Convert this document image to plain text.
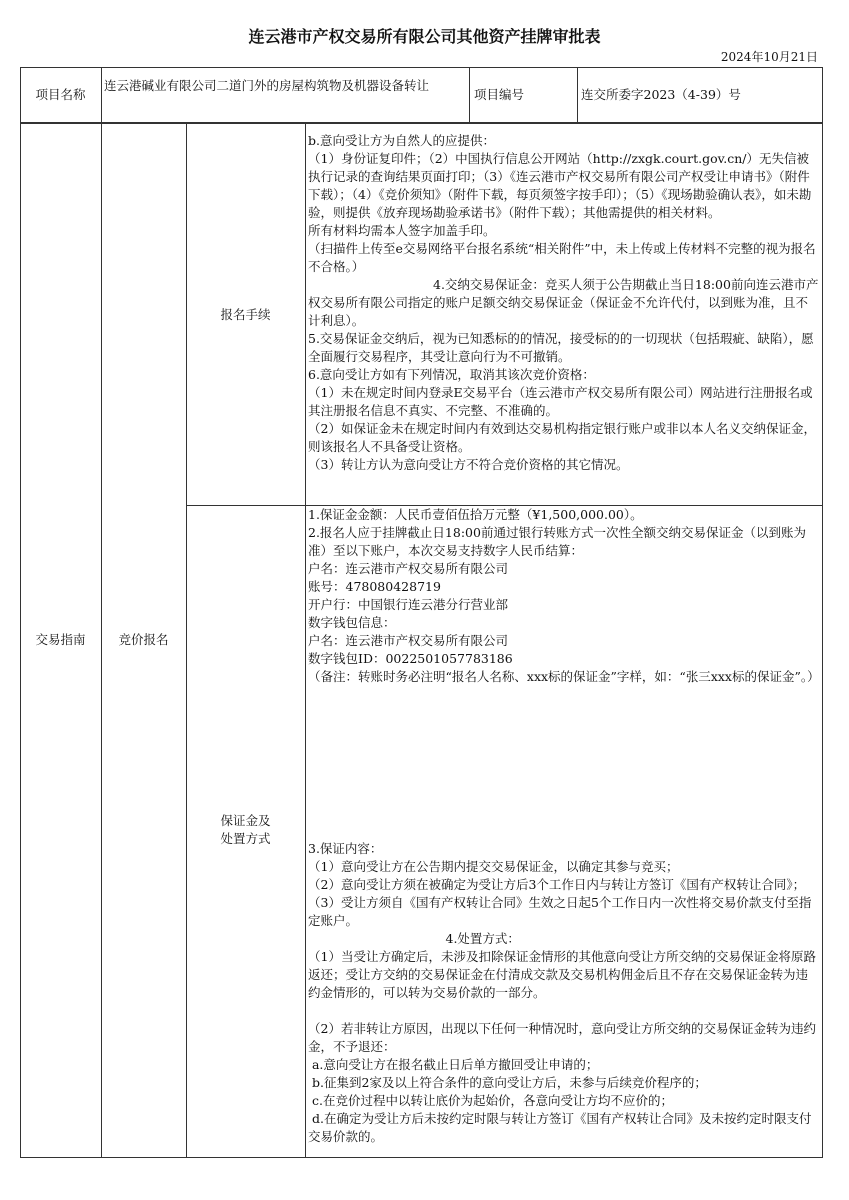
连云港市产权交易所有限公司其他资产挂牌审批表
2024年10月21日
项目名称
连云港碱业有限公司二道门外的房屋构筑物及机器设备转让
项目编号	连交所委字2023（4-39）号
交易指南	竞价报名
报名手续
保证金及
处置方式

b.意向受让方为自然人的应提供：

（1）身份证复印件；（2）中国执行信息公开网站（http://zxgk.court.gov.cn/）无失信被执行记录的查询结果页面打印；（3）《连云港市产权交易所有限公司产权受让申请书》（附件下载）；（4）《竞价须知》（附件下载，每页须签字按手印）；（5）《现场勘验确认表》，如未勘验，则提供《放弃现场勘验承诺书》（附件下载）；其他需提供的相关材料。

所有材料均需本人签字加盖手印。

（扫描件上传至e交易网络平台报名系统“相关附件”中，未上传或上传材料不完整的视为报名不合格。）

　　　　　　　　　　4.交纳交易保证金：竞买人须于公告期截止当日18:00前向连云港市产权交易所有限公司指定的账户足额交纳交易保证金（保证金不允许代付，以到账为准，且不计利息）。

5.交易保证金交纳后，视为已知悉标的的情况，接受标的的一切现状（包括瑕疵、缺陷），愿全面履行交易程序，其受让意向行为不可撤销。

6.意向受让方如有下列情况，取消其该次竞价资格：

（1）未在规定时间内登录E交易平台（连云港市产权交易所有限公司）网站进行注册报名或其注册报名信息不真实、不完整、不准确的。

（2）如保证金未在规定时间内有效到达交易机构指定银行账户或非以本人名义交纳保证金，则该报名人不具备受让资格。

（3）转让方认为意向受让方不符合竞价资格的其它情况。

1.保证金金额：人民币壹佰伍拾万元整（¥1,500,000.00）。

2.报名人应于挂牌截止日18:00前通过银行转账方式一次性全额交纳交易保证金（以到账为准）至以下账户，本次交易支持数字人民币结算：

户名：连云港市产权交易所有限公司

账号：478080428719

开户行：中国银行连云港分行营业部

数字钱包信息：

户名：连云港市产权交易所有限公司

数字钱包ID：0022501057783186

（备注：转账时务必注明“报名人名称、xxx标的保证金”字样，如：“张三xxx标的保证金”。）

3.保证内容：

（1）意向受让方在公告期内提交交易保证金，以确定其参与竞买；

（2）意向受让方须在被确定为受让方后3个工作日内与转让方签订《国有产权转让合同》；

（3）受让方须自《国有产权转让合同》生效之日起5个工作日内一次性将交易价款支付至指定账户。

　　　　　　　　　　　4.处置方式：

（1）当受让方确定后，未涉及扣除保证金情形的其他意向受让方所交纳的交易保证金将原路返还；受让方交纳的交易保证金在付清成交款及交易机构佣金后且不存在交易保证金转为违约金情形的，可以转为交易价款的一部分。

（2）若非转让方原因，出现以下任何一种情况时，意向受让方所交纳的交易保证金转为违约金，不予退还：

a.意向受让方在报名截止日后单方撤回受让申请的；

b.征集到2家及以上符合条件的意向受让方后，未参与后续竞价程序的；

c.在竞价过程中以转让底价为起始价，各意向受让方均不应价的；

d.在确定为受让方后未按约定时限与转让方签订《国有产权转让合同》及未按约定时限支付交易价款的。
